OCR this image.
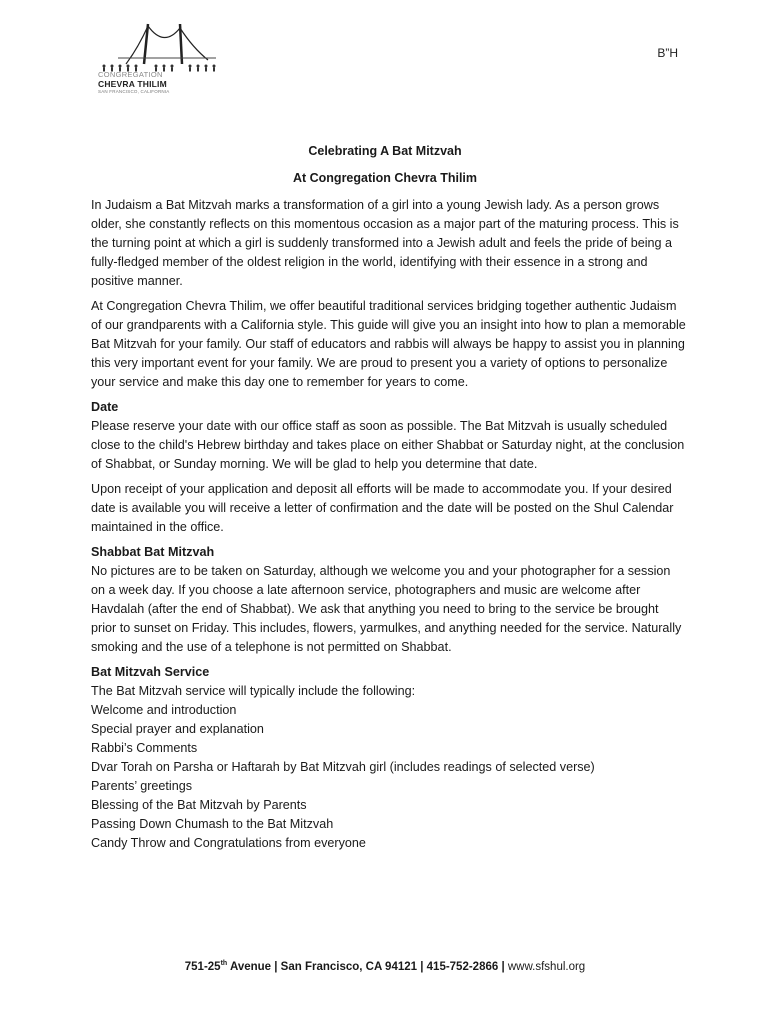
CONGREGATION
CHEVRA THILIM
SAN FRANCISCO, CALIFORNIA
B”H
Celebrating A Bat Mitzvah
At Congregation Chevra Thilim

In Judaism a Bat Mitzvah marks a transformation of a girl into a young Jewish lady. As a person grows older, she constantly reflects on this momentous occasion as a major part of the maturing process. This is the turning point at which a girl is suddenly transformed into a Jewish adult and feels the pride of being a fully-fledged member of the oldest religion in the world, identifying with their essence in a strong and positive manner.

At Congregation Chevra Thilim, we offer beautiful traditional services bridging together authentic Judaism of our grandparents with a California style. This guide will give you an insight into how to plan a memorable Bat Mitzvah for your family. Our staff of educators and rabbis will always be happy to assist you in planning this very important event for your family. We are proud to present you a variety of options to personalize your service and make this day one to remember for years to come.

Date

Please reserve your date with our office staff as soon as possible. The Bat Mitzvah is usually scheduled close to the child's Hebrew birthday and takes place on either Shabbat or Saturday night, at the conclusion of Shabbat, or Sunday morning. We will be glad to help you determine that date.

Upon receipt of your application and deposit all efforts will be made to accommodate you. If your desired date is available you will receive a letter of confirmation and the date will be posted on the Shul Calendar maintained in the office.

Shabbat Bat Mitzvah

No pictures are to be taken on Saturday, although we welcome you and your photographer for a session on a week day. If you choose a late afternoon service, photographers and music are welcome after Havdalah (after the end of Shabbat). We ask that anything you need to bring to the service be brought prior to sunset on Friday. This includes, flowers, yarmulkes, and anything needed for the service. Naturally smoking and the use of a telephone is not permitted on Shabbat.

Bat Mitzvah Service

The Bat Mitzvah service will typically include the following:

Welcome and introduction

Special prayer and explanation

Rabbi’s Comments

Dvar Torah on Parsha or Haftarah by Bat Mitzvah girl (includes readings of selected verse)

Parents’ greetings

Blessing of the Bat Mitzvah by Parents

Passing Down Chumash to the Bat Mitzvah

Candy Throw and Congratulations from everyone

751-25th Avenue | San Francisco, CA 94121 | 415-752-2866 | www.sfshul.org
